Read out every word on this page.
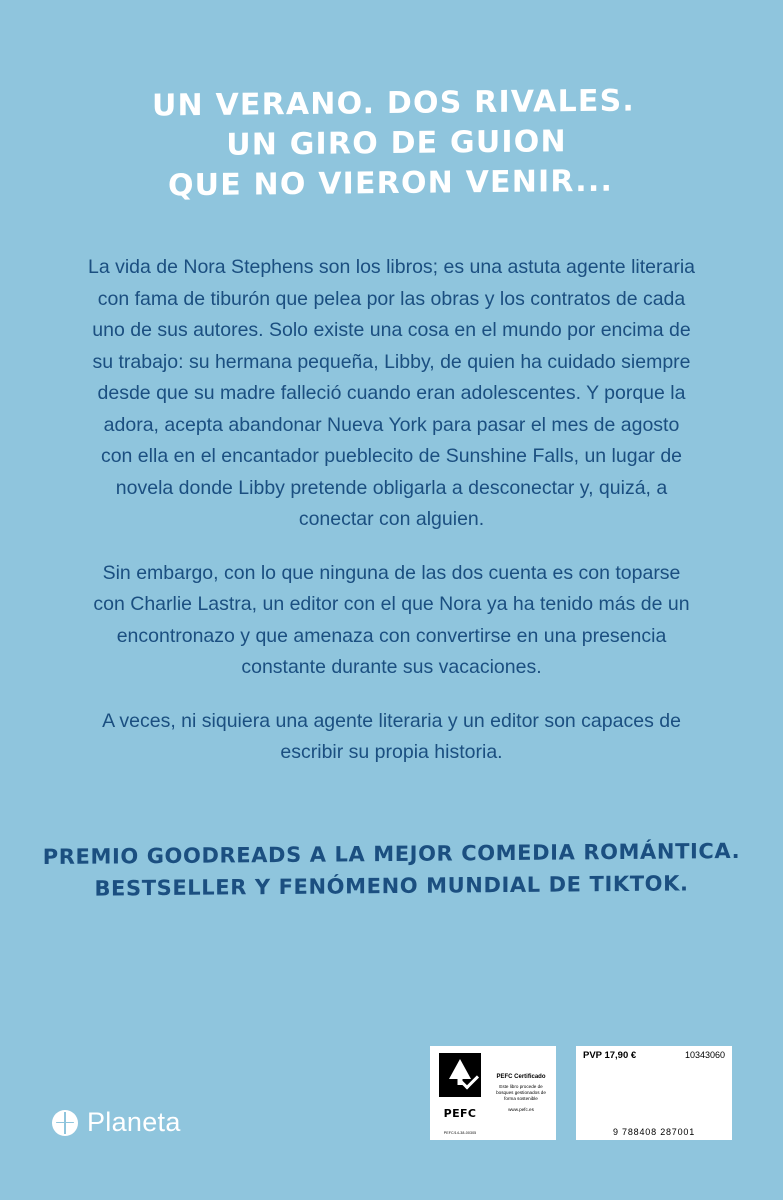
UN VERANO. DOS RIVALES.
UN GIRO DE GUION
QUE NO VIERON VENIR...

La vida de Nora Stephens son los libros; es una astuta agente literaria con fama de tiburón que pelea por las obras y los contratos de cada uno de sus autores. Solo existe una cosa en el mundo por encima de su trabajo: su hermana pequeña, Libby, de quien ha cuidado siempre desde que su madre falleció cuando eran adolescentes. Y porque la adora, acepta abandonar Nueva York para pasar el mes de agosto con ella en el encantador pueblecito de Sunshine Falls, un lugar de novela donde Libby pretende obligarla a desconectar y, quizá, a conectar con alguien.

Sin embargo, con lo que ninguna de las dos cuenta es con toparse con Charlie Lastra, un editor con el que Nora ya ha tenido más de un encontronazo y que amenaza con convertirse en una presencia constante durante sus vacaciones.

A veces, ni siquiera una agente literaria y un editor son capaces de escribir su propia historia.

PREMIO GOODREADS A LA MEJOR COMEDIA ROMÁNTICA.
BESTSELLER Y FENÓMENO MUNDIAL DE TIKTOK.
Planeta	PEFC
PEFC/14-38-00305
PEFC Certificado
Este libro procede de bosques gestionados de forma sostenible
www.pefc.es
PVP 17,90 €	10343060
9 788408 287001
